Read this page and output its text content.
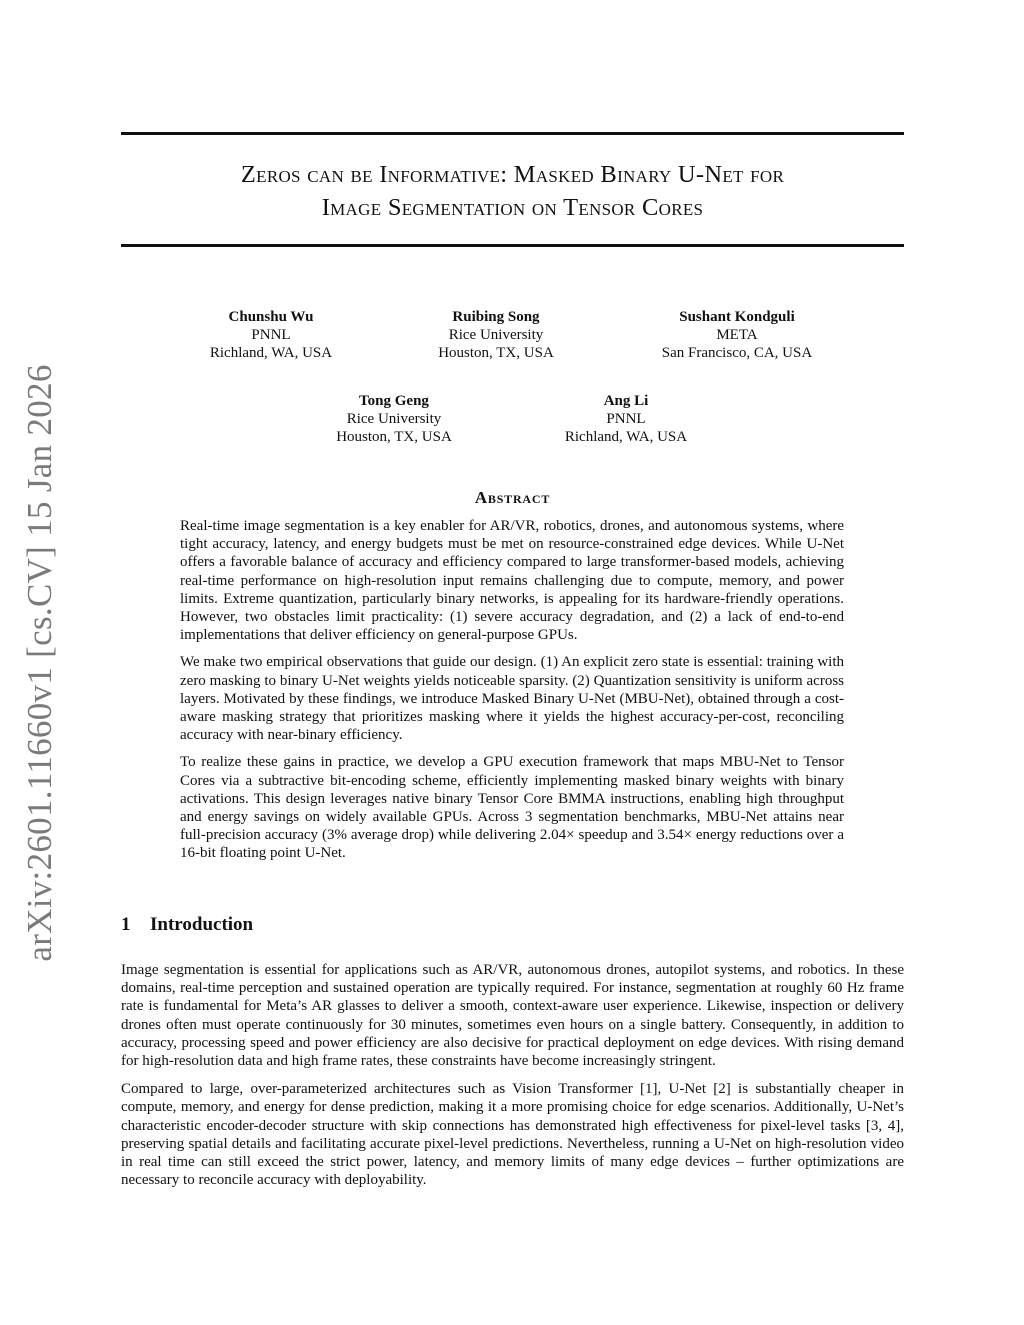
arXiv:2601.11660v1 [cs.CV] 15 Jan 2026
Zeros can be Informative: Masked Binary U-Net for
Image Segmentation on Tensor Cores
Chunshu Wu
PNNL
Richland, WA, USA
Ruibing Song
Rice University
Houston, TX, USA
Sushant Kondguli
META
San Francisco, CA, USA
Tong Geng
Rice University
Houston, TX, USA
Ang Li
PNNL
Richland, WA, USA
Abstract

Real-time image segmentation is a key enabler for AR/VR, robotics, drones, and autonomous systems, where tight accuracy, latency, and energy budgets must be met on resource-constrained edge devices. While U-Net offers a favorable balance of accuracy and efficiency compared to large transformer-based models, achieving real-time performance on high-resolution input remains challenging due to compute, memory, and power limits. Extreme quantization, particularly binary networks, is appealing for its hardware-friendly operations. However, two obstacles limit practicality: (1) severe accuracy degradation, and (2) a lack of end-to-end implementations that deliver efficiency on general-purpose GPUs.

We make two empirical observations that guide our design. (1) An explicit zero state is essential: training with zero masking to binary U-Net weights yields noticeable sparsity. (2) Quantization sensitivity is uniform across layers. Motivated by these findings, we introduce Masked Binary U-Net (MBU-Net), obtained through a cost-aware masking strategy that prioritizes masking where it yields the highest accuracy-per-cost, reconciling accuracy with near-binary efficiency.

To realize these gains in practice, we develop a GPU execution framework that maps MBU-Net to Tensor Cores via a subtractive bit-encoding scheme, efficiently implementing masked binary weights with binary activations. This design leverages native binary Tensor Core BMMA instructions, enabling high throughput and energy savings on widely available GPUs. Across 3 segmentation benchmarks, MBU-Net attains near full-precision accuracy (3% average drop) while delivering 2.04× speedup and 3.54× energy reductions over a 16-bit floating point U-Net.

1 Introduction

Image segmentation is essential for applications such as AR/VR, autonomous drones, autopilot systems, and robotics. In these domains, real-time perception and sustained operation are typically required. For instance, segmentation at roughly 60 Hz frame rate is fundamental for Meta’s AR glasses to deliver a smooth, context-aware user experience. Likewise, inspection or delivery drones often must operate continuously for 30 minutes, sometimes even hours on a single battery. Consequently, in addition to accuracy, processing speed and power efficiency are also decisive for practical deployment on edge devices. With rising demand for high-resolution data and high frame rates, these constraints have become increasingly stringent.

Compared to large, over-parameterized architectures such as Vision Transformer [1], U-Net [2] is substantially cheaper in compute, memory, and energy for dense prediction, making it a more promising choice for edge scenarios. Additionally, U-Net’s characteristic encoder-decoder structure with skip connections has demonstrated high effectiveness for pixel-level tasks [3, 4], preserving spatial details and facilitating accurate pixel-level predictions. Nevertheless, running a U-Net on high-resolution video in real time can still exceed the strict power, latency, and memory limits of many edge devices – further optimizations are necessary to reconcile accuracy with deployability.
